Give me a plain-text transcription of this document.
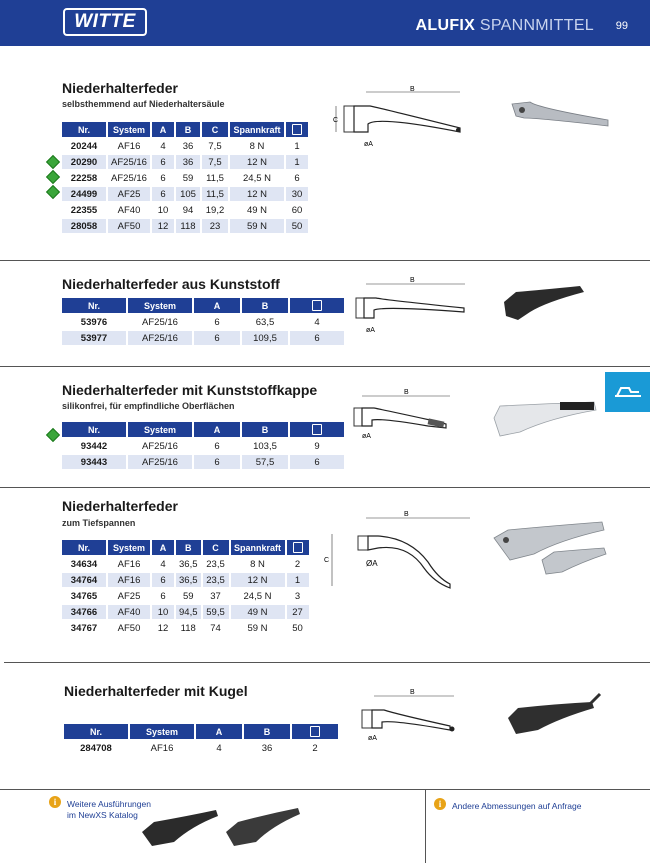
WITTE	ALUFIX SPANNMITTEL 99
Niederhalterfeder
selbsthemmend auf Niederhaltersäule
Nr.	System	A	B	C	Spannkraft	
20244	AF16	4	36	7,5	8 N	1
20290	AF25/16	6	36	7,5	12 N	1
22258	AF25/16	6	59	11,5	24,5 N	6
24499	AF25	6	105	11,5	12 N	30
22355	AF40	10	94	19,2	49 N	60
28058	AF50	12	118	23	59 N	50
B
C
øA
Niederhalterfeder aus Kunststoff
Nr.	System	A	B	
53976	AF25/16	6	63,5	4
53977	AF25/16	6	109,5	6
B
øA
Niederhalterfeder mit Kunststoffkappe
silikonfrei, für empfindliche Oberflächen
Nr.	System	A	B	
93442	AF25/16	6	103,5	9
93443	AF25/16	6	57,5	6
B
øA
Niederhalterfeder
zum Tiefspannen
Nr.	System	A	B	C	Spannkraft	
34634	AF16	4	36,5	23,5	8 N	2
34764	AF16	6	36,5	23,5	12 N	1
34765	AF25	6	59	37	24,5 N	3
34766	AF40	10	94,5	59,5	49 N	27
34767	AF50	12	118	74	59 N	50
B
C	ØA
Niederhalterfeder mit Kugel
Nr.	System	A	B	
284708	AF16	4	36	2
B
øA
i	Weitere Ausführungen
im NewXS Katalog
i	Andere Abmessungen auf Anfrage
